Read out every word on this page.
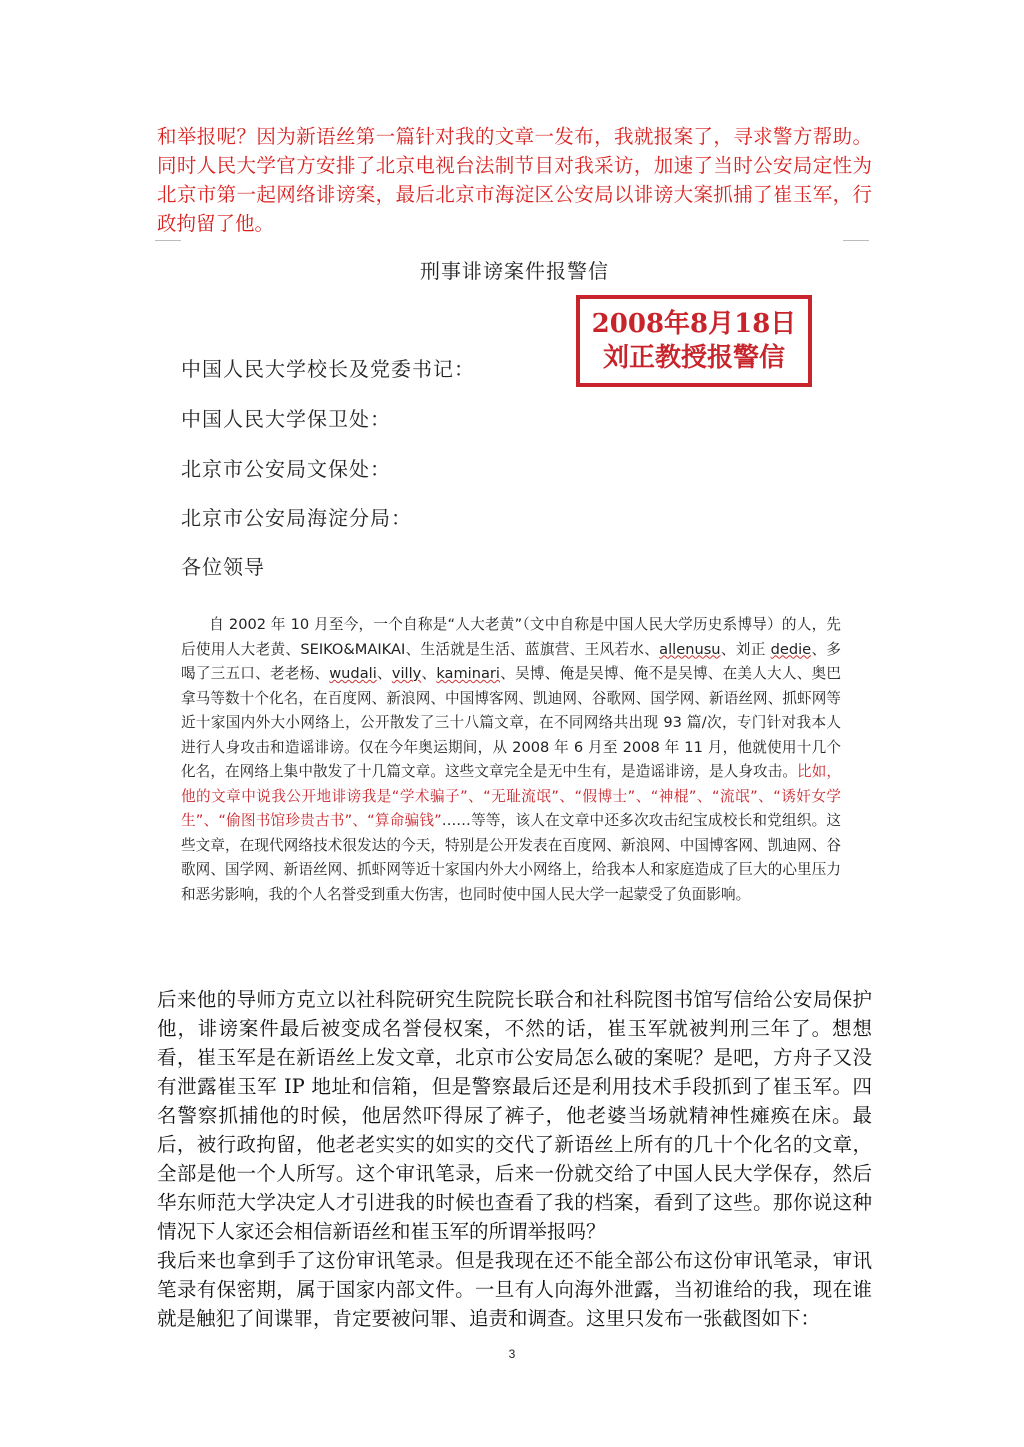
和举报呢？因为新语丝第一篇针对我的文章一发布，我就报案了，寻求警方帮助。同时人民大学官方安排了北京电视台法制节目对我采访，加速了当时公安局定性为北京市第一起网络诽谤案，最后北京市海淀区公安局以诽谤大案抓捕了崔玉军，行政拘留了他。

刑事诽谤案件报警信
2008年8月18日
刘正教授报警信
中国人民大学校长及党委书记：
中国人民大学保卫处：
北京市公安局文保处：
北京市公安局海淀分局：
各位领导
自 2002 年 10 月至今，一个自称是“人大老黄”（文中自称是中国人民大学历史系博导）的人，先后使用人大老黄、SEIKO&MAIKAI、生活就是生活、蓝旗营、王风若水、allenusu、刘正 dedie、多喝了三五口、老老杨、wudali、villy、kaminari、吴博、俺是吴博、俺不是吴博、在美人大人、奥巴拿马等数十个化名，在百度网、新浪网、中国博客网、凯迪网、谷歌网、国学网、新语丝网、抓虾网等近十家国内外大小网络上，公开散发了三十八篇文章，在不同网络共出现 93 篇/次，专门针对我本人进行人身攻击和造谣诽谤。仅在今年奥运期间，从 2008 年 6 月至 2008 年 11 月，他就使用十几个化名，在网络上集中散发了十几篇文章。这些文章完全是无中生有，是造谣诽谤，是人身攻击。比如，他的文章中说我公开地诽谤我是“学术骗子”、“无耻流氓”、“假博士”、“神棍”、“流氓”、“诱奸女学生”、“偷图书馆珍贵古书”、“算命骗钱”……等等，该人在文章中还多次攻击纪宝成校长和党组织。这些文章，在现代网络技术很发达的今天，特别是公开发表在百度网、新浪网、中国博客网、凯迪网、谷歌网、国学网、新语丝网、抓虾网等近十家国内外大小网络上，给我本人和家庭造成了巨大的心里压力和恶劣影响，我的个人名誉受到重大伤害，也同时使中国人民大学一起蒙受了负面影响。

后来他的导师方克立以社科院研究生院院长联合和社科院图书馆写信给公安局保护他，诽谤案件最后被变成名誉侵权案，不然的话，崔玉军就被判刑三年了。想想看，崔玉军是在新语丝上发文章，北京市公安局怎么破的案呢？是吧，方舟子又没有泄露崔玉军 IP 地址和信箱，但是警察最后还是利用技术手段抓到了崔玉军。四名警察抓捕他的时候，他居然吓得尿了裤子，他老婆当场就精神性瘫痪在床。最后，被行政拘留，他老老实实的如实的交代了新语丝上所有的几十个化名的文章，全部是他一个人所写。这个审讯笔录，后来一份就交给了中国人民大学保存，然后华东师范大学决定人才引进我的时候也查看了我的档案，看到了这些。那你说这种情况下人家还会相信新语丝和崔玉军的所谓举报吗？

我后来也拿到手了这份审讯笔录。但是我现在还不能全部公布这份审讯笔录，审讯笔录有保密期，属于国家内部文件。一旦有人向海外泄露，当初谁给的我，现在谁就是触犯了间谍罪，肯定要被问罪、追责和调查。这里只发布一张截图如下：

3
